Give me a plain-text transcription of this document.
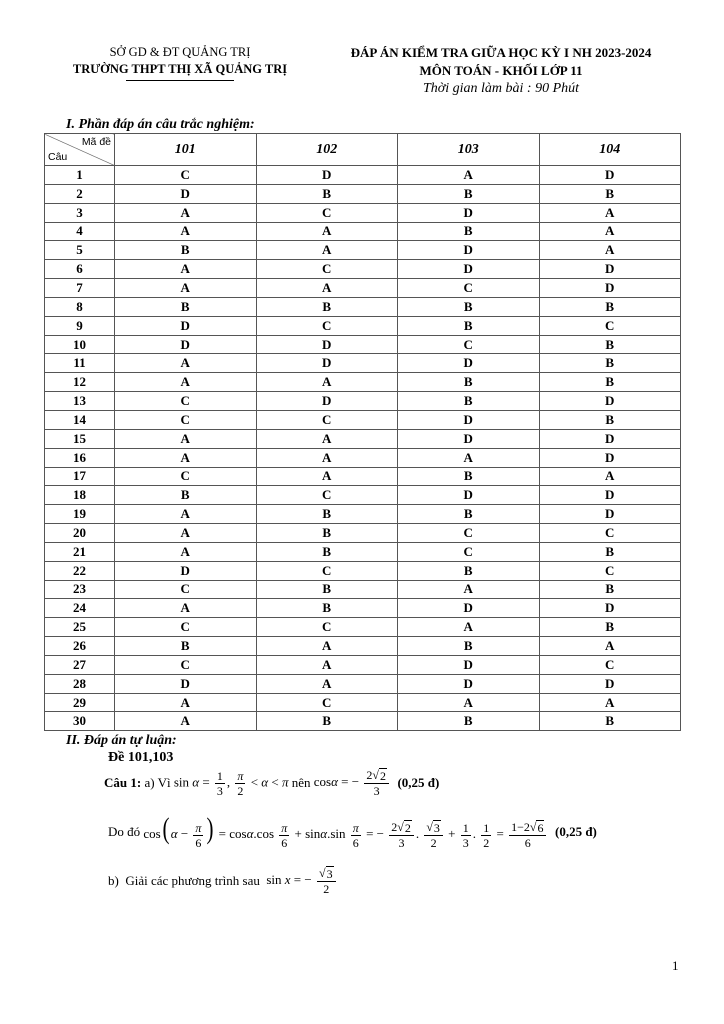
SỞ GD & ĐT QUẢNG TRỊ
TRƯỜNG THPT THỊ XÃ QUẢNG TRỊ
ĐÁP ÁN KIỂM TRA GIỮA HỌC KỲ I NH 2023-2024
MÔN TOÁN - KHỐI LỚP 11
Thời gian làm bài : 90 Phút
I. Phần đáp án câu trắc nghiệm:
Mã đề
Câu	101	102	103	104
1	C	D	A	D
2	D	B	B	B
3	A	C	D	A
4	A	A	B	A
5	B	A	D	A
6	A	C	D	D
7	A	A	C	D
8	B	B	B	B
9	D	C	B	C
10	D	D	C	B
11	A	D	D	B
12	A	A	B	B
13	C	D	B	D
14	C	C	D	B
15	A	A	D	D
16	A	A	A	D
17	C	A	B	A
18	B	C	D	D
19	A	B	B	D
20	A	B	C	C
21	A	B	C	B
22	D	C	B	C
23	C	B	A	B
24	A	B	D	D
25	C	C	A	B
26	B	A	B	A
27	C	A	D	C
28	D	A	D	D
29	A	C	A	A
30	A	B	B	B
II. Đáp án tự luận:
Đề 101,103
Câu 1:
a) Vì
$\sin \alpha = \frac{1}{3}$ , $\frac{\pi}{2} < \alpha < \pi$
nên
cosα = − $\frac{2 √ 2}{3}$
(0,25 đ)
Do đó
cos( $\alpha - \frac{\pi}{6}$ ) = $\cos\alpha.\cos \frac{\pi}{6} + \sin\alpha.\sin \frac{\pi}{6}$ = − $\frac{2 √ 2}{3}$ . $\frac{√ 3}{2} + \frac{1}{3}$ . $\frac{1}{2} = \frac{1-2 √ 6}{6}$
(0,25 đ)
b)
Giải các phương trình sau
sin x = − $\frac{√ 3}{2}$
1
